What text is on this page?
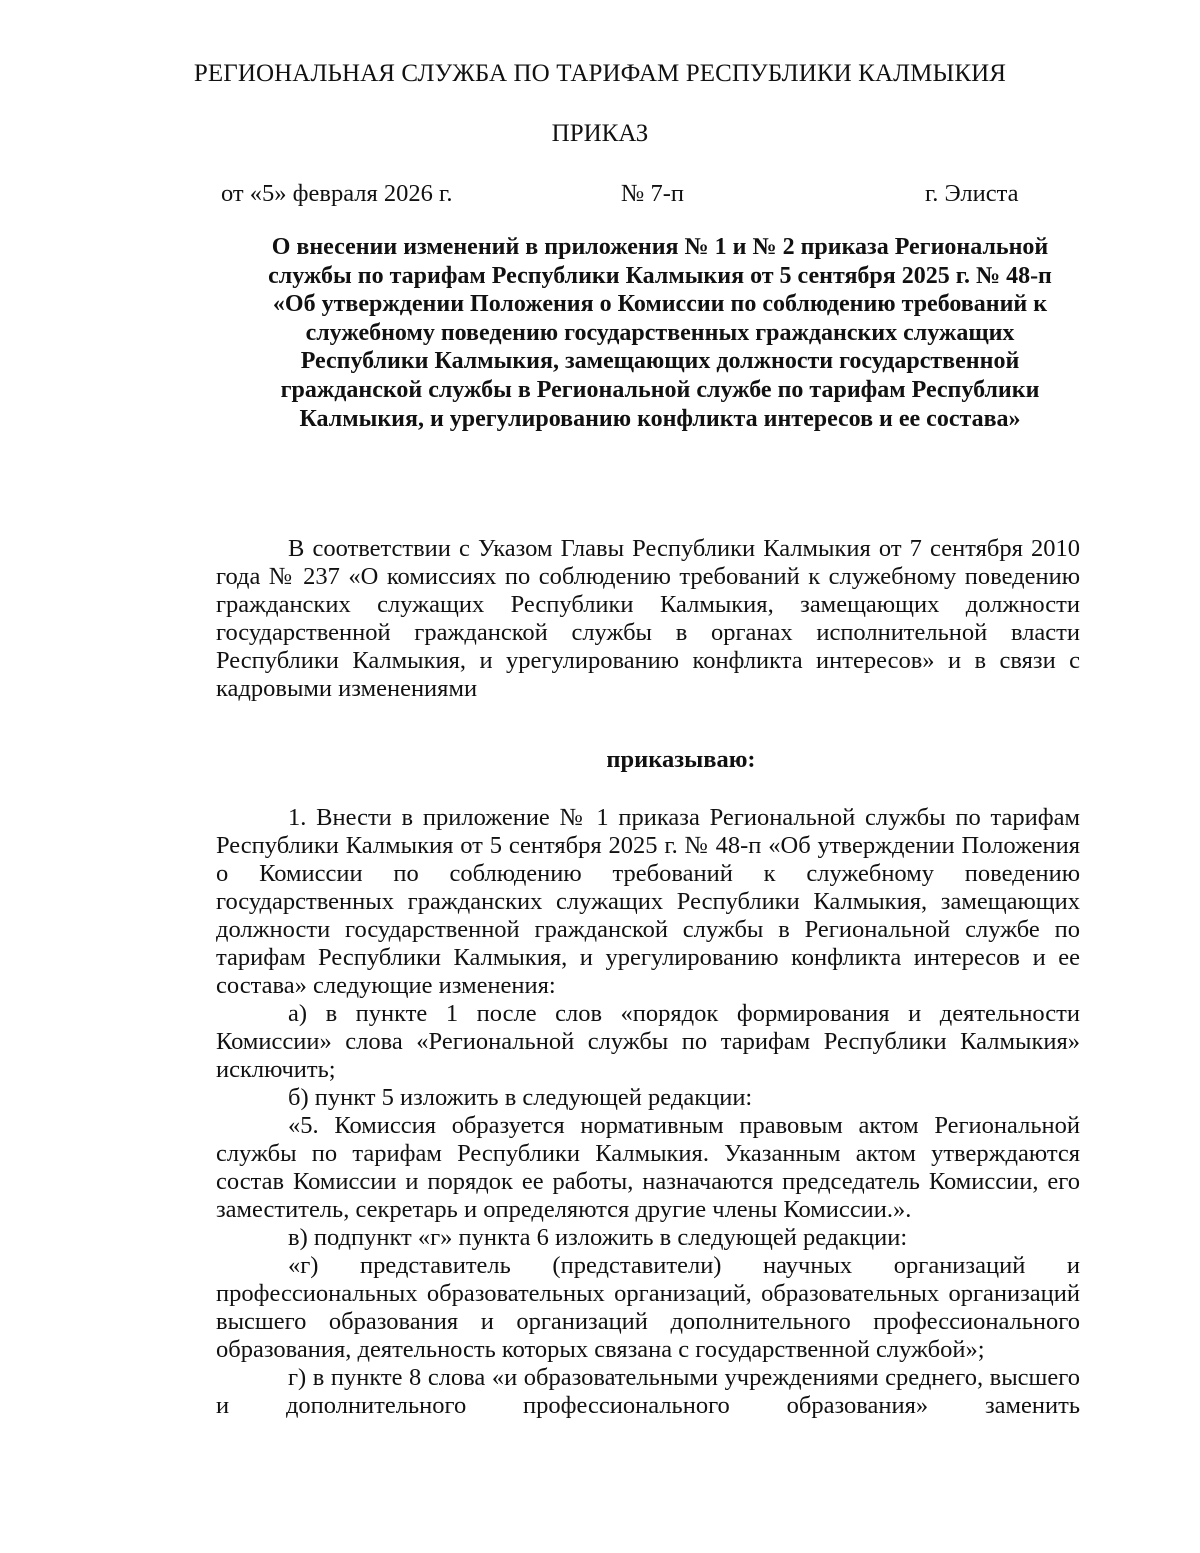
РЕГИОНАЛЬНАЯ СЛУЖБА ПО ТАРИФАМ РЕСПУБЛИКИ КАЛМЫКИЯ
ПРИКАЗ
от «5» февраля 2026 г.	№ 7-п	г. Элиста
О внесении изменений в приложения № 1 и № 2 приказа Региональной
службы по тарифам Республики Калмыкия от 5 сентября 2025 г. № 48-п
«Об утверждении Положения о Комиссии по соблюдению требований к
служебному поведению государственных гражданских служащих
Республики Калмыкия, замещающих должности государственной
гражданской службы в Региональной службе по тарифам Республики
Калмыкия, и урегулированию конфликта интересов и ее состава»

В соответствии с Указом Главы Республики Калмыкия от 7 сентября 2010 года № 237 «О комиссиях по соблюдению требований к служебному поведению гражданских служащих Республики Калмыкия, замещающих должности государственной гражданской службы в органах исполнительной власти Республики Калмыкия, и урегулированию конфликта интересов» и в связи с кадровыми изменениями

приказываю:

1. Внести в приложение № 1 приказа Региональной службы по тарифам Республики Калмыкия от 5 сентября 2025 г. № 48-п «Об утверждении Положения о Комиссии по соблюдению требований к служебному поведению государственных гражданских служащих Республики Калмыкия, замещающих должности государственной гражданской службы в Региональной службе по тарифам Республики Калмыкия, и урегулированию конфликта интересов и ее состава» следующие изменения:

а) в пункте 1 после слов «порядок формирования и деятельности Комиссии» слова «Региональной службы по тарифам Республики Калмыкия» исключить;

б) пункт 5 изложить в следующей редакции:

«5. Комиссия образуется нормативным правовым актом Региональной службы по тарифам Республики Калмыкия. Указанным актом утверждаются состав Комиссии и порядок ее работы, назначаются председатель Комиссии, его заместитель, секретарь и определяются другие члены Комиссии.».

в) подпункт «г» пункта 6 изложить в следующей редакции:

«г) представитель (представители) научных организаций и профессиональных образовательных организаций, образовательных организаций высшего образования и организаций дополнительного профессионального образования, деятельность которых связана с государственной службой»;

г) в пункте 8 слова «и образовательными учреждениями среднего, высшего и дополнительного профессионального образования» заменить
